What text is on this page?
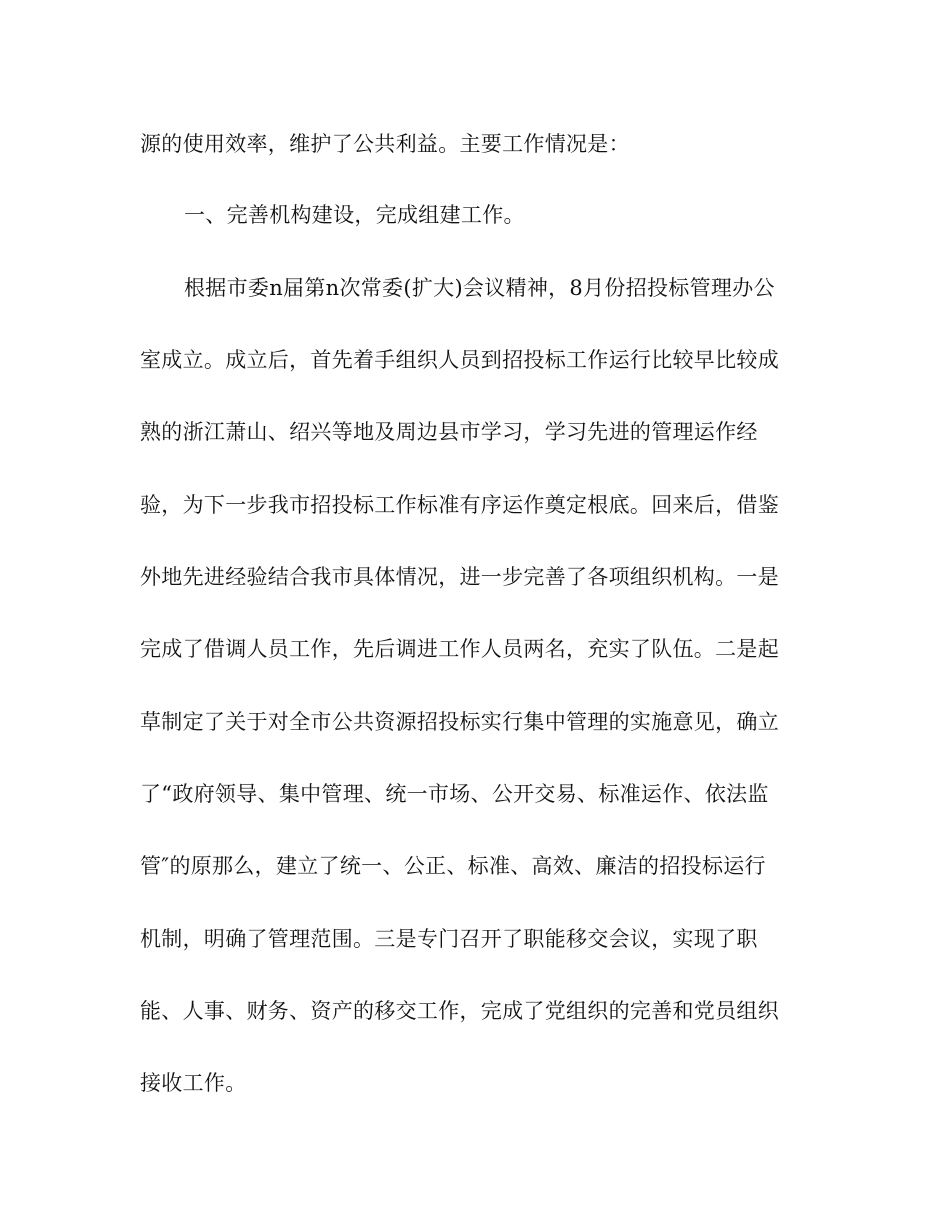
源的使用效率，维护了公共利益。主要工作情况是：
一、完善机构建设，完成组建工作。
根据市委n届第n次常委(扩大)会议精神，8月份招投标管理办公
室成立。成立后，首先着手组织人员到招投标工作运行比较早比较成
熟的浙江萧山、绍兴等地及周边县市学习，学习先进的管理运作经
验，为下一步我市招投标工作标准有序运作奠定根底。回来后，借鉴
外地先进经验结合我市具体情况，进一步完善了各项组织机构。一是
完成了借调人员工作，先后调进工作人员两名，充实了队伍。二是起
草制定了关于对全市公共资源招投标实行集中管理的实施意见，确立
了“政府领导、集中管理、统一市场、公开交易、标准运作、依法监
管″的原那么，建立了统一、公正、标准、高效、廉洁的招投标运行
机制，明确了管理范围。三是专门召开了职能移交会议，实现了职
能、人事、财务、资产的移交工作，完成了党组织的完善和党员组织
接收工作。
